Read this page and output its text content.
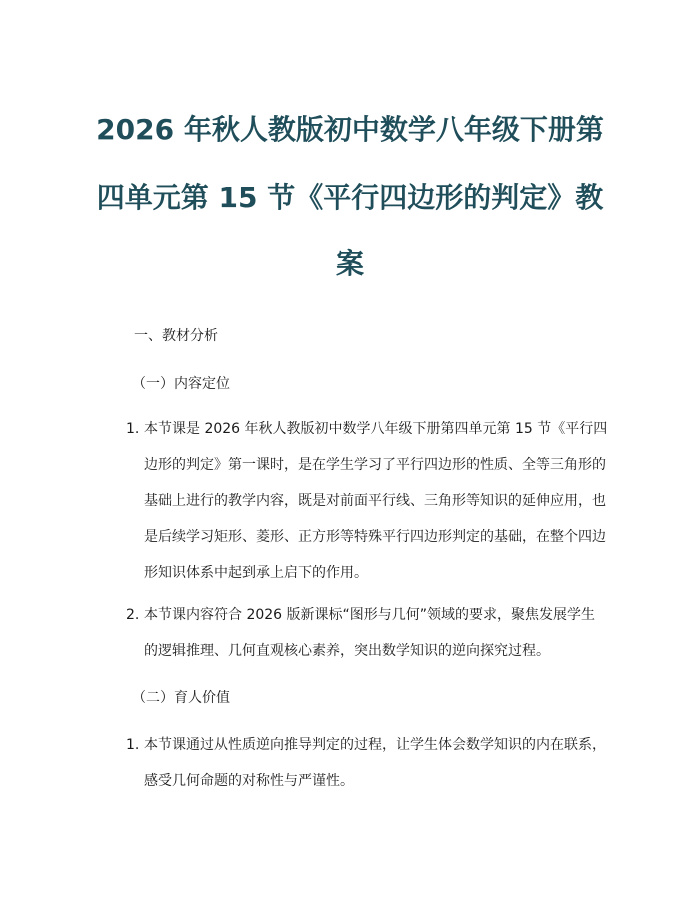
2026 年秋人教版初中数学八年级下册第
四单元第 15 节《平行四边形的判定》教
案
一、教材分析
（一）内容定位
1. 本节课是 2026 年秋人教版初中数学八年级下册第四单元第 15 节《平行四
边形的判定》第一课时，是在学生学习了平行四边形的性质、全等三角形的
基础上进行的教学内容，既是对前面平行线、三角形等知识的延伸应用，也
是后续学习矩形、菱形、正方形等特殊平行四边形判定的基础，在整个四边
形知识体系中起到承上启下的作用。
2. 本节课内容符合 2026 版新课标“图形与几何”领域的要求，聚焦发展学生
的逻辑推理、几何直观核心素养，突出数学知识的逆向探究过程。
（二）育人价值
1. 本节课通过从性质逆向推导判定的过程，让学生体会数学知识的内在联系，
感受几何命题的对称性与严谨性。
